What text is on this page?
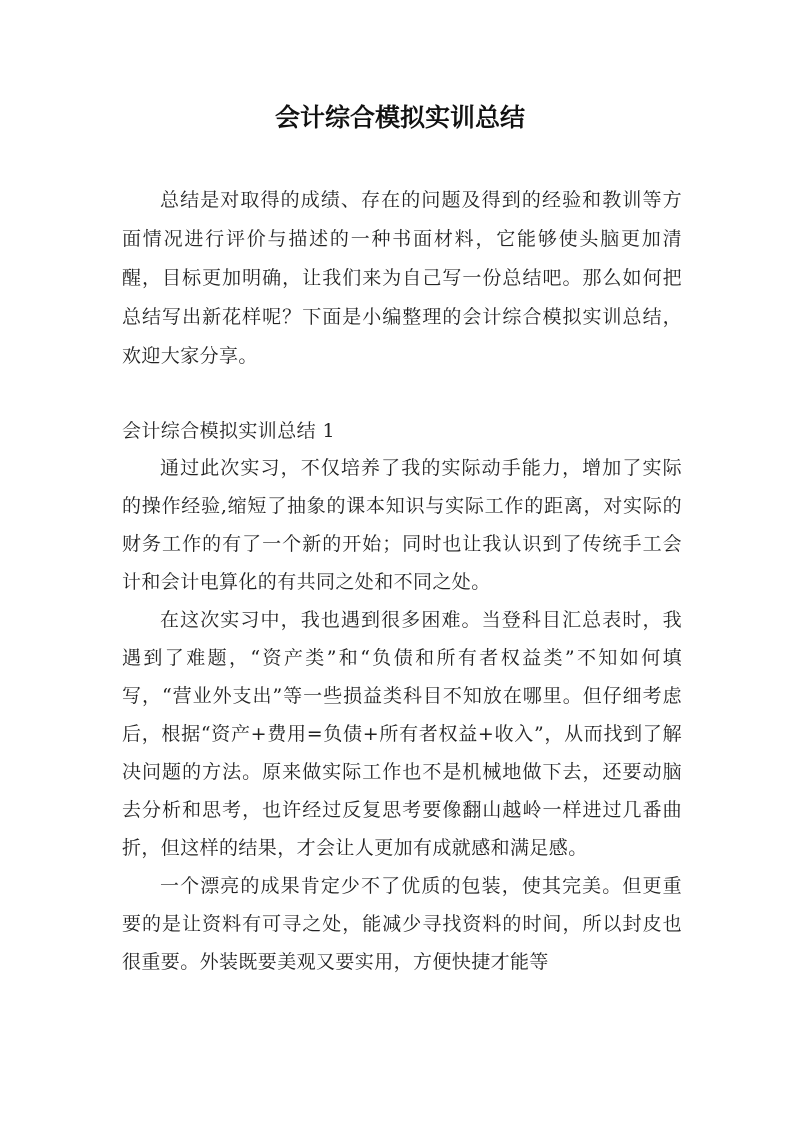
会计综合模拟实训总结

总结是对取得的成绩、存在的问题及得到的经验和教训等方面情况进行评价与描述的一种书面材料，它能够使头脑更加清醒，目标更加明确，让我们来为自己写一份总结吧。那么如何把总结写出新花样呢？下面是小编整理的会计综合模拟实训总结，欢迎大家分享。

会计综合模拟实训总结 1

通过此次实习，不仅培养了我的实际动手能力，增加了实际的操作经验,缩短了抽象的课本知识与实际工作的距离，对实际的财务工作的有了一个新的开始；同时也让我认识到了传统手工会计和会计电算化的有共同之处和不同之处。

在这次实习中，我也遇到很多困难。当登科目汇总表时，我遇到了难题，“资产类”和“负债和所有者权益类”不知如何填写，“营业外支出”等一些损益类科目不知放在哪里。但仔细考虑后，根据“资产+费用=负债+所有者权益+收入”，从而找到了解决问题的方法。原来做实际工作也不是机械地做下去，还要动脑去分析和思考，也许经过反复思考要像翻山越岭一样进过几番曲折，但这样的结果，才会让人更加有成就感和满足感。

一个漂亮的成果肯定少不了优质的包装，使其完美。但更重要的是让资料有可寻之处，能减少寻找资料的时间，所以封皮也很重要。外装既要美观又要实用，方便快捷才能等
